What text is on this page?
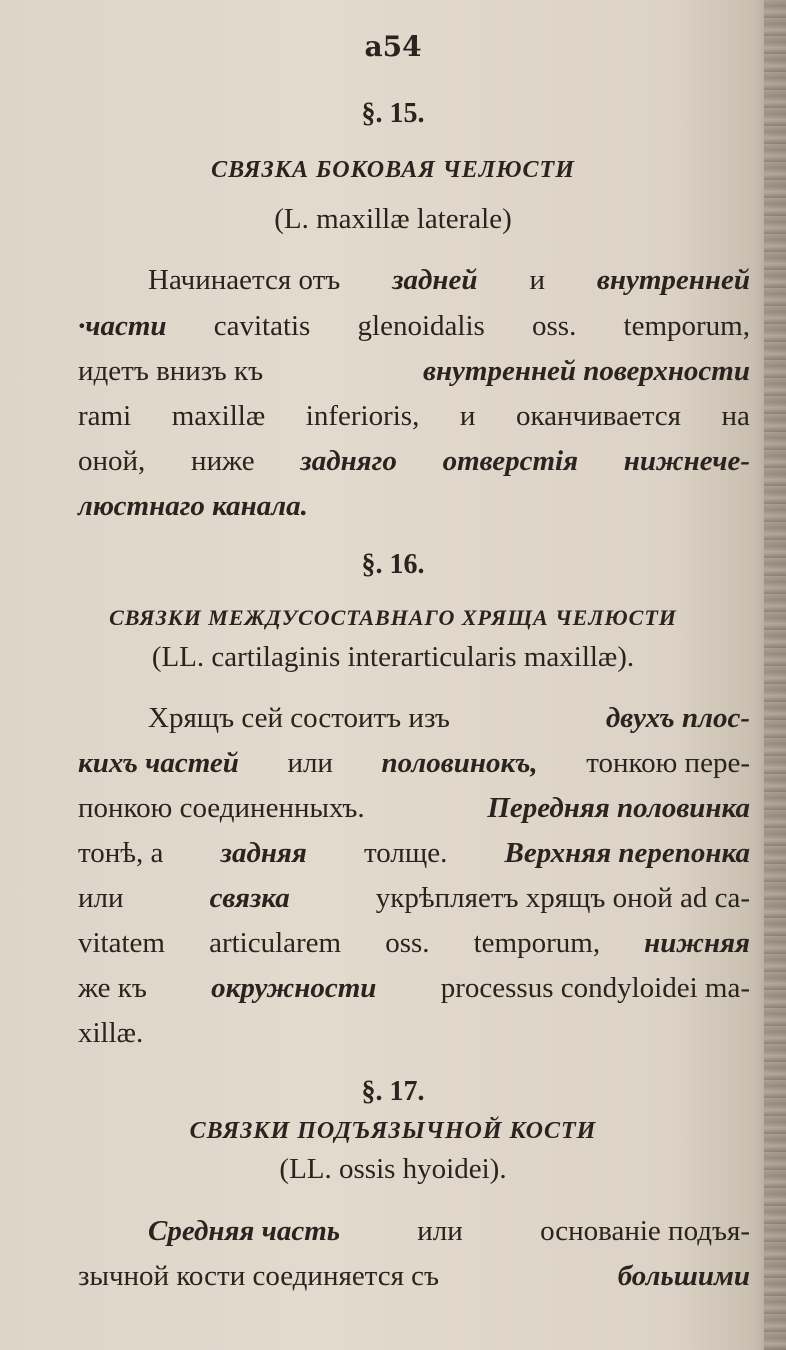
a54
§. 15.
СВЯЗКА БОКОВАЯ ЧЕЛЮСТИ
(L. maxillæ laterale)
Начинается отъ задней и внутренней
·части cavitatis glenoidalis oss. temporum,
идетъ внизъ къ	внутренней поверхности
rami maxillæ inferioris, и оканчивается на
оной, ниже задняго отверстія нижнече-
люстнаго канала.
§. 16.
СВЯЗКИ МЕЖДУСОСТАВНАГО ХРЯЩА ЧЕЛЮСТИ
(LL. cartilaginis interarticularis maxillæ).
Хрящъ сей состоитъ изъ	двухъ плос-
кихъ частей или половинокъ, тонкою пере-
понкою соединенныхъ.	Передняя половинка
тонѣ, а задняя толще. Верхняя перепонка
или	связка	укрѣпляетъ хрящъ оной ad ca-
vitatem articularem oss. temporum, нижняя
же къ окружности processus condyloidei ma-
xillæ.
§. 17.
СВЯЗКИ ПОДЪЯЗЫЧНОЙ КОСТИ
(LL. ossis hyoidei).
Средняя часть	или	основаніе подъя-
зычной кости соединяется съ	большими
